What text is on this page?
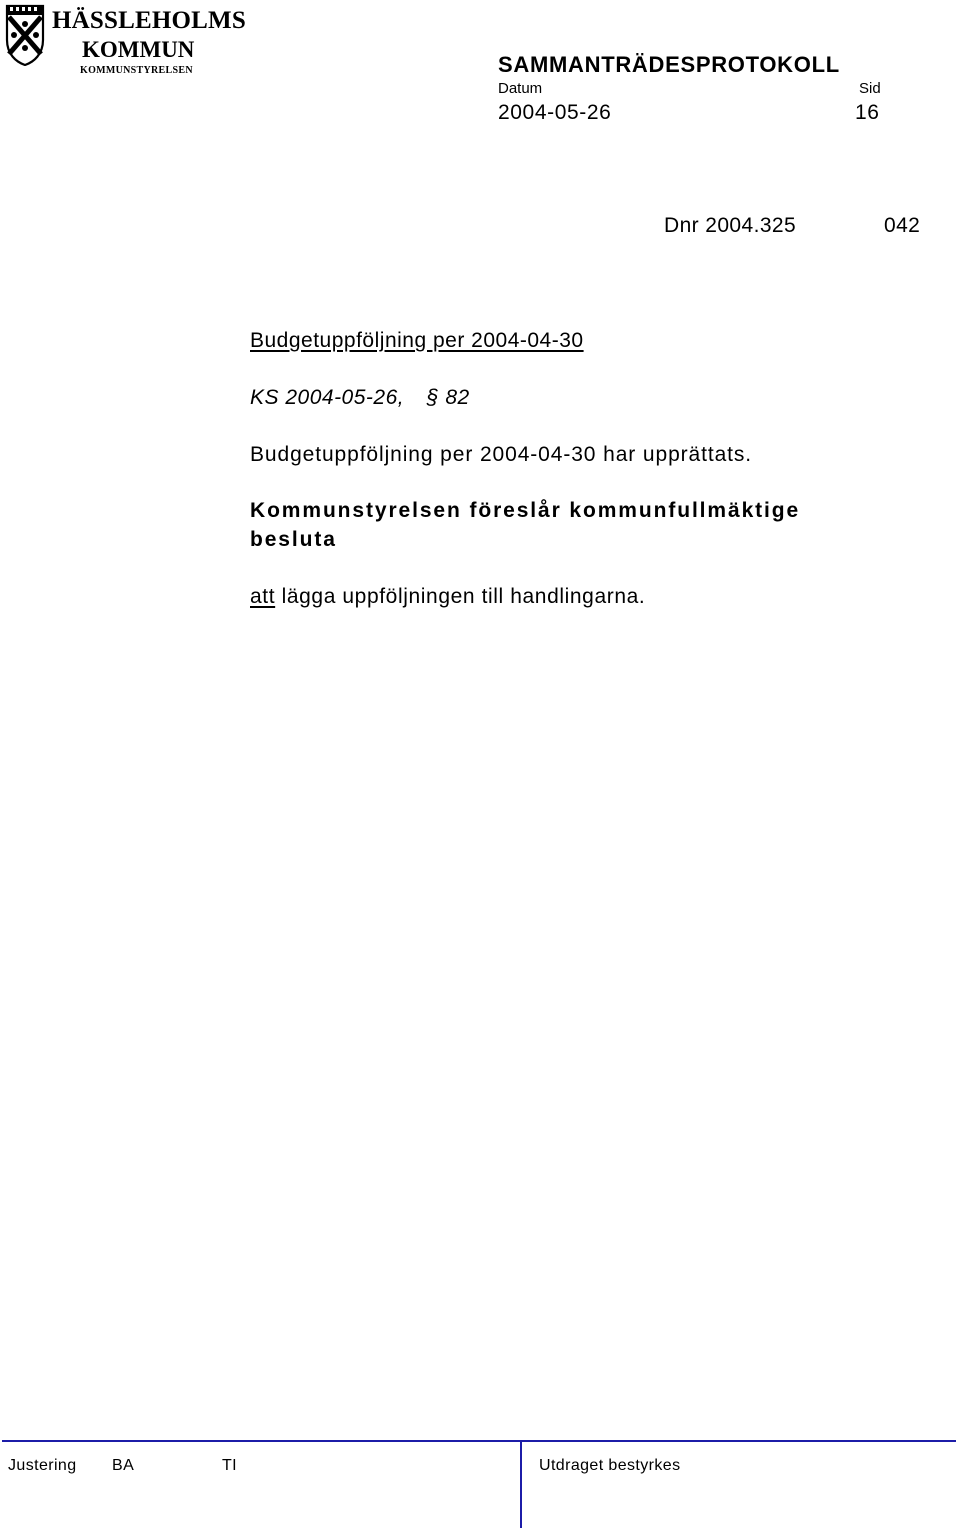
HÄSSLEHOLMS
KOMMUN
KOMMUNSTYRELSEN	SAMMANTRÄDESPROTOKOLL
Datum	Sid
2004-05-26	16
Dnr 2004.325	042
Budgetuppföljning per 2004-04-30
KS 2004-05-26, § 82
Budgetuppföljning per 2004-04-30 har upprättats.
Kommunstyrelsen föreslår kommunfullmäktige
besluta
att lägga uppföljningen till handlingarna.
Justering BA	TI	Utdraget bestyrkes
